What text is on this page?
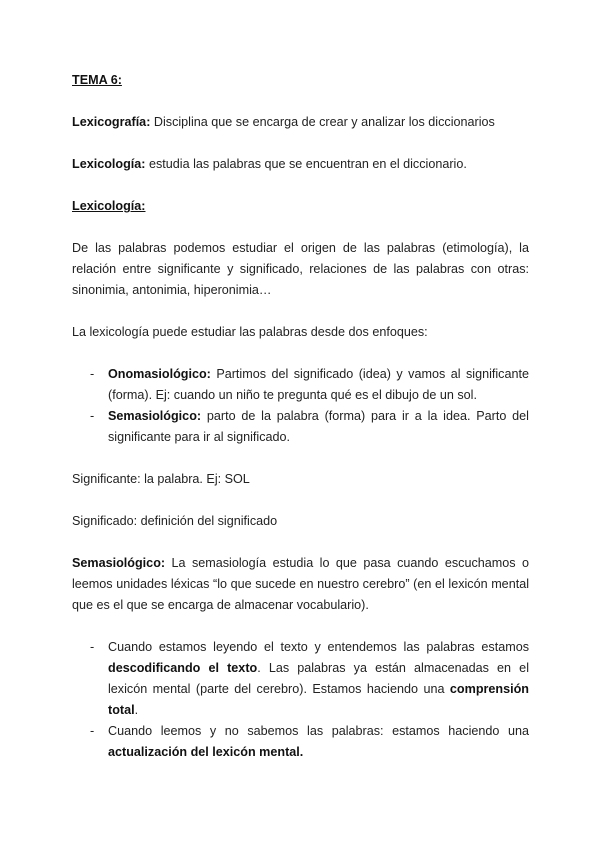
TEMA 6:

Lexicografía: Disciplina que se encarga de crear y analizar los diccionarios

Lexicología: estudia las palabras que se encuentran en el diccionario.

Lexicología:

De las palabras podemos estudiar el origen de las palabras (etimología), la relación entre significante y significado, relaciones de las palabras con otras: sinonimia, antonimia, hiperonimia…

La lexicología puede estudiar las palabras desde dos enfoques:

- Onomasiológico: Partimos del significado (idea) y vamos al significante (forma). Ej: cuando un niño te pregunta qué es el dibujo de un sol.
- Semasiológico: parto de la palabra (forma) para ir a la idea. Parto del significante para ir al significado.

Significante: la palabra. Ej: SOL

Significado: definición del significado

Semasiológico: La semasiología estudia lo que pasa cuando escuchamos o leemos unidades léxicas “lo que sucede en nuestro cerebro” (en el lexicón mental que es el que se encarga de almacenar vocabulario).

- Cuando estamos leyendo el texto y entendemos las palabras estamos descodificando el texto. Las palabras ya están almacenadas en el lexicón mental (parte del cerebro). Estamos haciendo una comprensión total.
- Cuando leemos y no sabemos las palabras: estamos haciendo una actualización del lexicón mental.
